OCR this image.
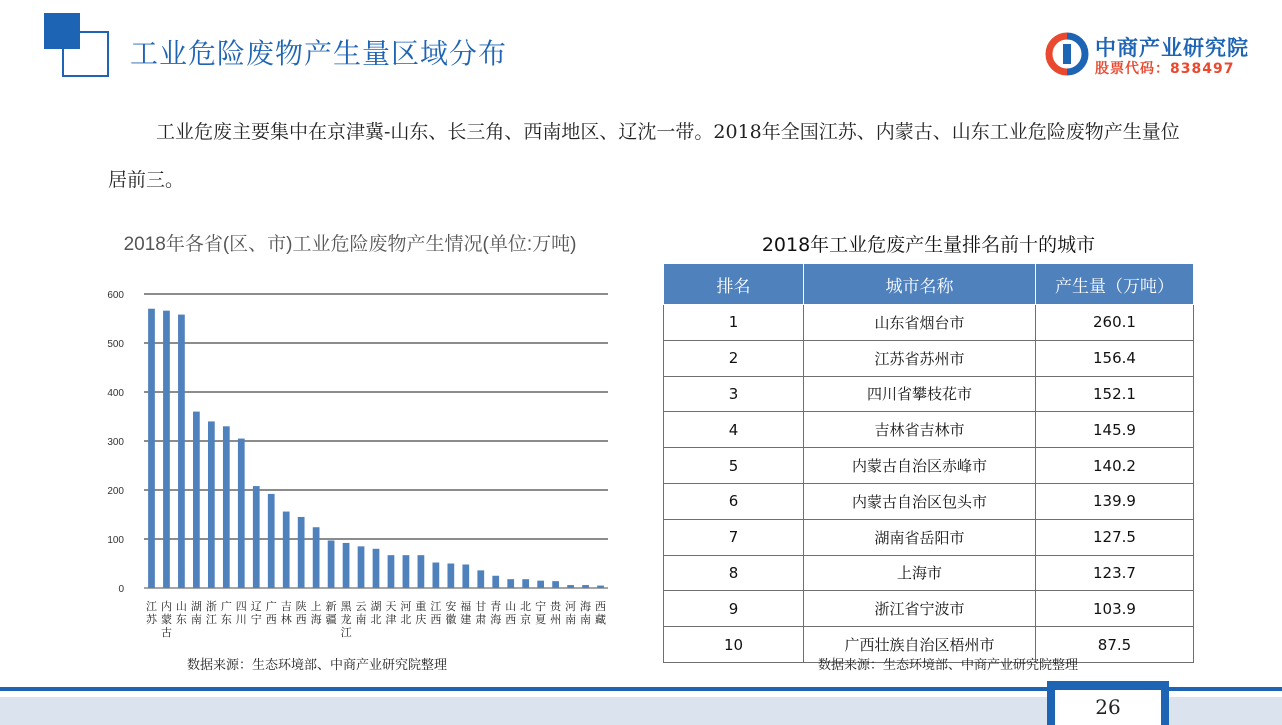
工业危险废物产生量区域分布	中商产业研究院
股票代码：838497
工业危废主要集中在京津冀-山东、长三角、西南地区、辽沈一带。2018年全国江苏、内蒙古、山东工业危险废物产生量位居前三。
2018年各省(区、市)工业危险废物产生情况(单位:万吨)
0
100
200
300
400
500
600
江苏
内蒙古
山东
湖南
浙江
广东
四川
辽宁
广西
吉林
陕西
上海
新疆
黑龙江
云南
湖北
天津
河北
重庆
江西
安徽
福建
甘肃
青海
山西
北京
宁夏
贵州
河南
海南
西藏
数据来源：生态环境部、中商产业研究院整理
2018年工业危废产生量排名前十的城市
排名	城市名称	产生量（万吨）
1	山东省烟台市	260.1
2	江苏省苏州市	156.4
3	四川省攀枝花市	152.1
4	吉林省吉林市	145.9
5	内蒙古自治区赤峰市	140.2
6	内蒙古自治区包头市	139.9
7	湖南省岳阳市	127.5
8	上海市	123.7
9	浙江省宁波市	103.9
10	广西壮族自治区梧州市	87.5
数据来源：生态环境部、中商产业研究院整理
26
